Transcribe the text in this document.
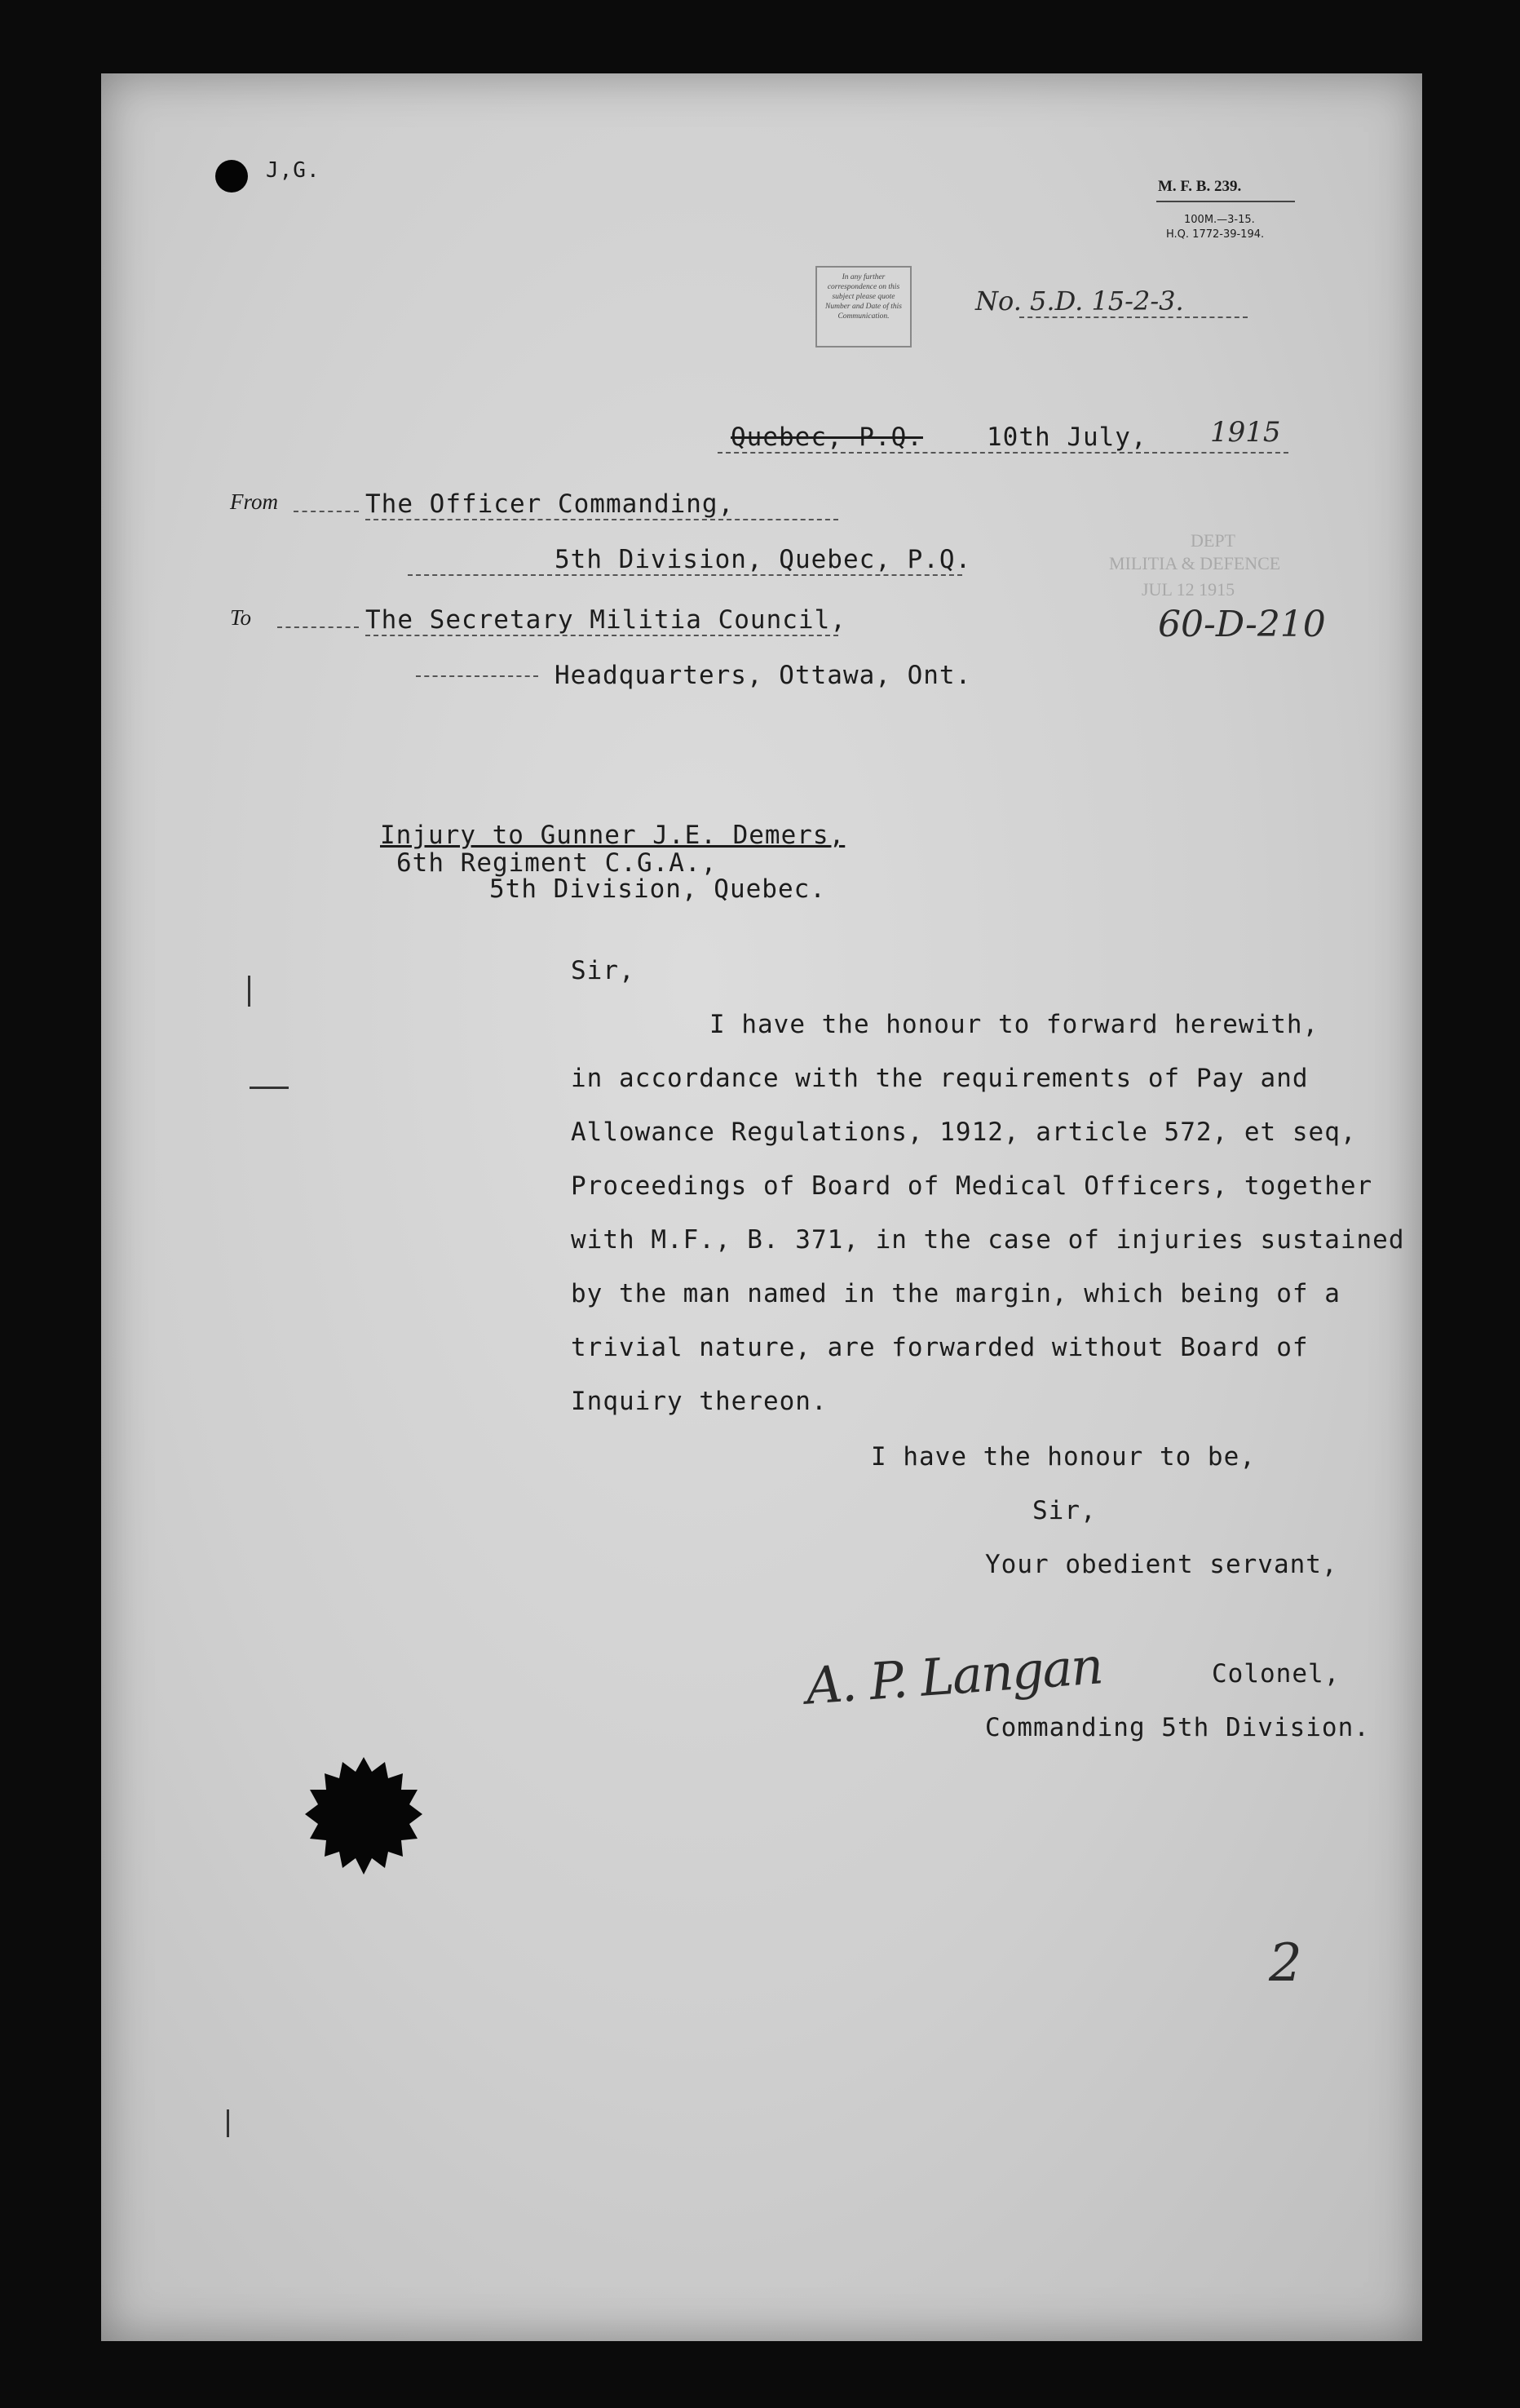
J,G.
M. F. B. 239.
100M.—3-15.
H.Q. 1772-39-194.
In any further correspondence on this subject please quote Number and Date of this Communication.	No. 5.D. 15-2-3.
Quebec, P.Q.	10th July, 1915
From	The Officer Commanding,
5th Division, Quebec, P.Q.
To	The Secretary Militia Council,
Headquarters, Ottawa, Ont.
DEPT
MILITIA & DEFENCE
JUL 12 1915
60-D-210
Injury to Gunner J.E. Demers,
6th Regiment C.G.A.,
5th Division, Quebec.
Sir,
I have the honour to forward herewith,
in accordance with the requirements of Pay and
Allowance Regulations, 1912, article 572, et seq,
Proceedings of Board of Medical Officers, together
with M.F., B. 371, in the case of injuries sustained
by the man named in the margin, which being of a
trivial nature, are forwarded without Board of
Inquiry thereon.
I have the honour to be,
Sir,
Your obedient servant,
A. P. Langan	Colonel,
Commanding 5th Division.
2
